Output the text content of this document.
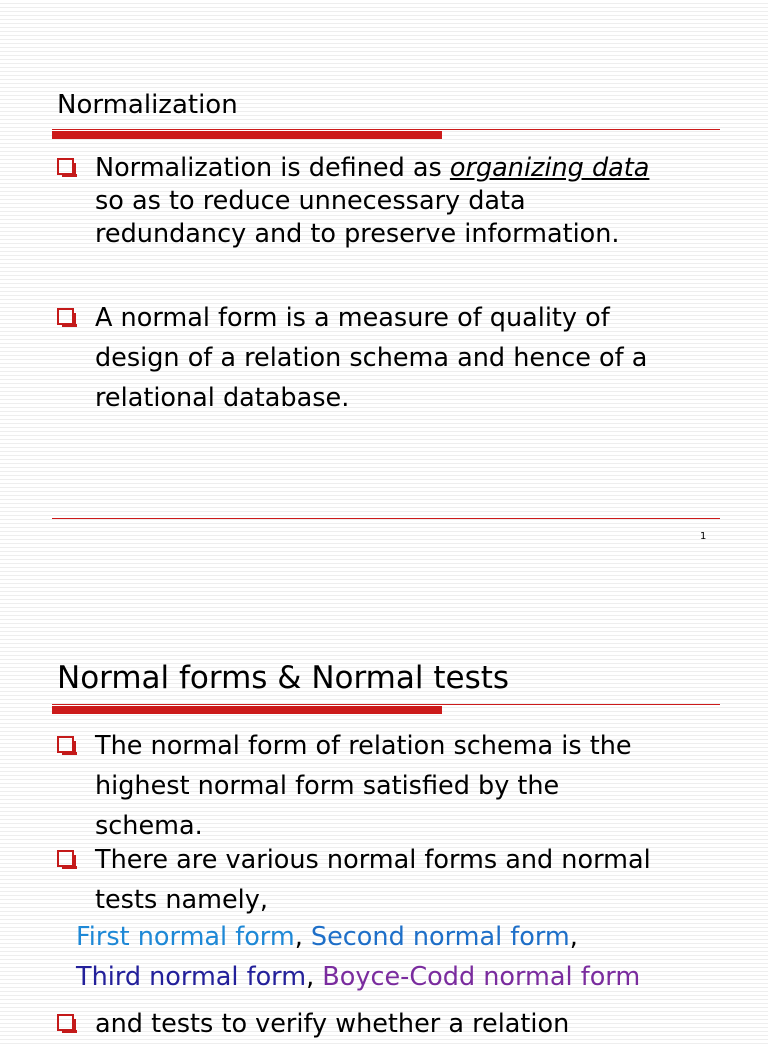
Normalization
Normalization is defined as organizing data
so as to reduce unnecessary data
redundancy and to preserve information.
A normal form is a measure of quality of
design of a relation schema and hence of a
relational database.
1
Normal forms & Normal tests
The normal form of relation schema is the
highest normal form satisfied by the
schema.
There are various normal forms and normal
tests namely,
First normal form, Second normal form,
Third normal form, Boyce-Codd normal form
and tests to verify whether a relation
